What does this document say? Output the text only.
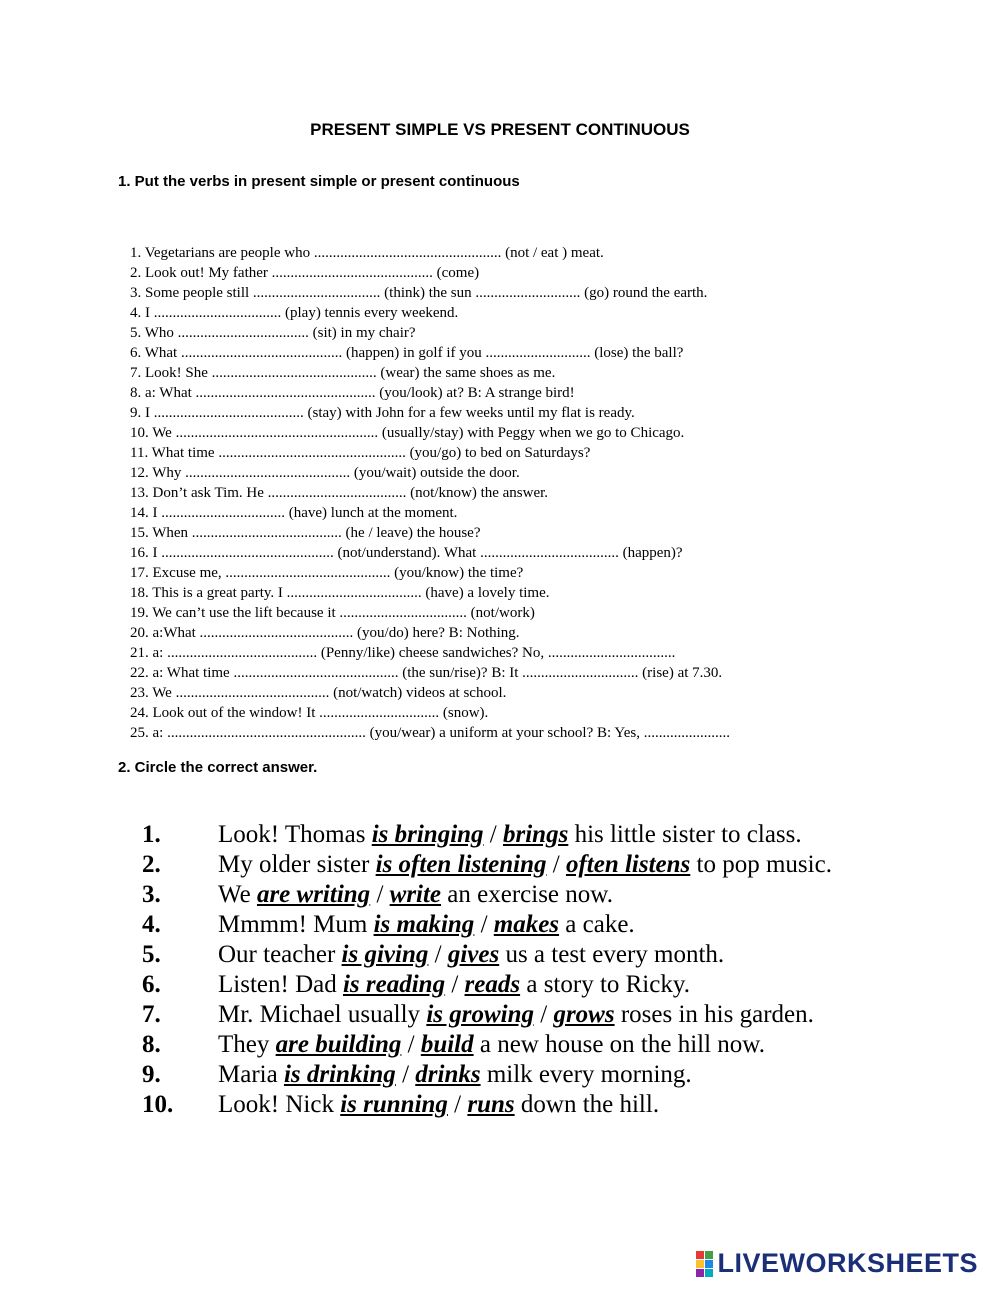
PRESENT SIMPLE VS PRESENT CONTINUOUS
1. Put the verbs in present simple or present continuous
1. Vegetarians are people who .................................................. (not / eat ) meat.
2. Look out! My father ........................................... (come)
3. Some people still .................................. (think) the sun ............................ (go) round the earth.
4. I .................................. (play) tennis every weekend.
5. Who ................................... (sit) in my chair?
6. What ........................................... (happen) in golf if you ............................ (lose) the ball?
7. Look! She ............................................ (wear) the same shoes as me.
8. a: What ................................................ (you/look) at? B: A strange bird!
9. I ........................................ (stay) with John for a few weeks until my flat is ready.
10. We ...................................................... (usually/stay) with Peggy when we go to Chicago.
11. What time .................................................. (you/go) to bed on Saturdays?
12. Why ............................................ (you/wait) outside the door.
13. Don’t ask Tim. He ..................................... (not/know) the answer.
14. I ................................. (have) lunch at the moment.
15. When ........................................ (he / leave) the house?
16. I .............................................. (not/understand). What ..................................... (happen)?
17. Excuse me, ............................................ (you/know) the time?
18. This is a great party. I .................................... (have) a lovely time.
19. We can’t use the lift because it .................................. (not/work)
20. a:What ......................................... (you/do) here? B: Nothing.
21. a: ........................................ (Penny/like) cheese sandwiches? No, ..................................
22. a: What time ............................................ (the sun/rise)? B: It ............................... (rise) at 7.30.
23. We ......................................... (not/watch) videos at school.
24. Look out of the window! It ................................ (snow).
25. a: ..................................................... (you/wear) a uniform at your school? B: Yes, .......................
2. Circle the correct answer.
1. Look! Thomas is bringing / brings his little sister to class.
2. My older sister is often listening / often listens to pop music.
3. We are writing / write an exercise now.
4. Mmmm! Mum is making / makes a cake.
5. Our teacher is giving / gives us a test every month.
6. Listen! Dad is reading / reads a story to Ricky.
7. Mr. Michael usually is growing / grows roses in his garden.
8. They are building / build a new house on the hill now.
9. Maria is drinking / drinks milk every morning.
10. Look! Nick is running / runs down the hill.
LIVEWORKSHEETS
